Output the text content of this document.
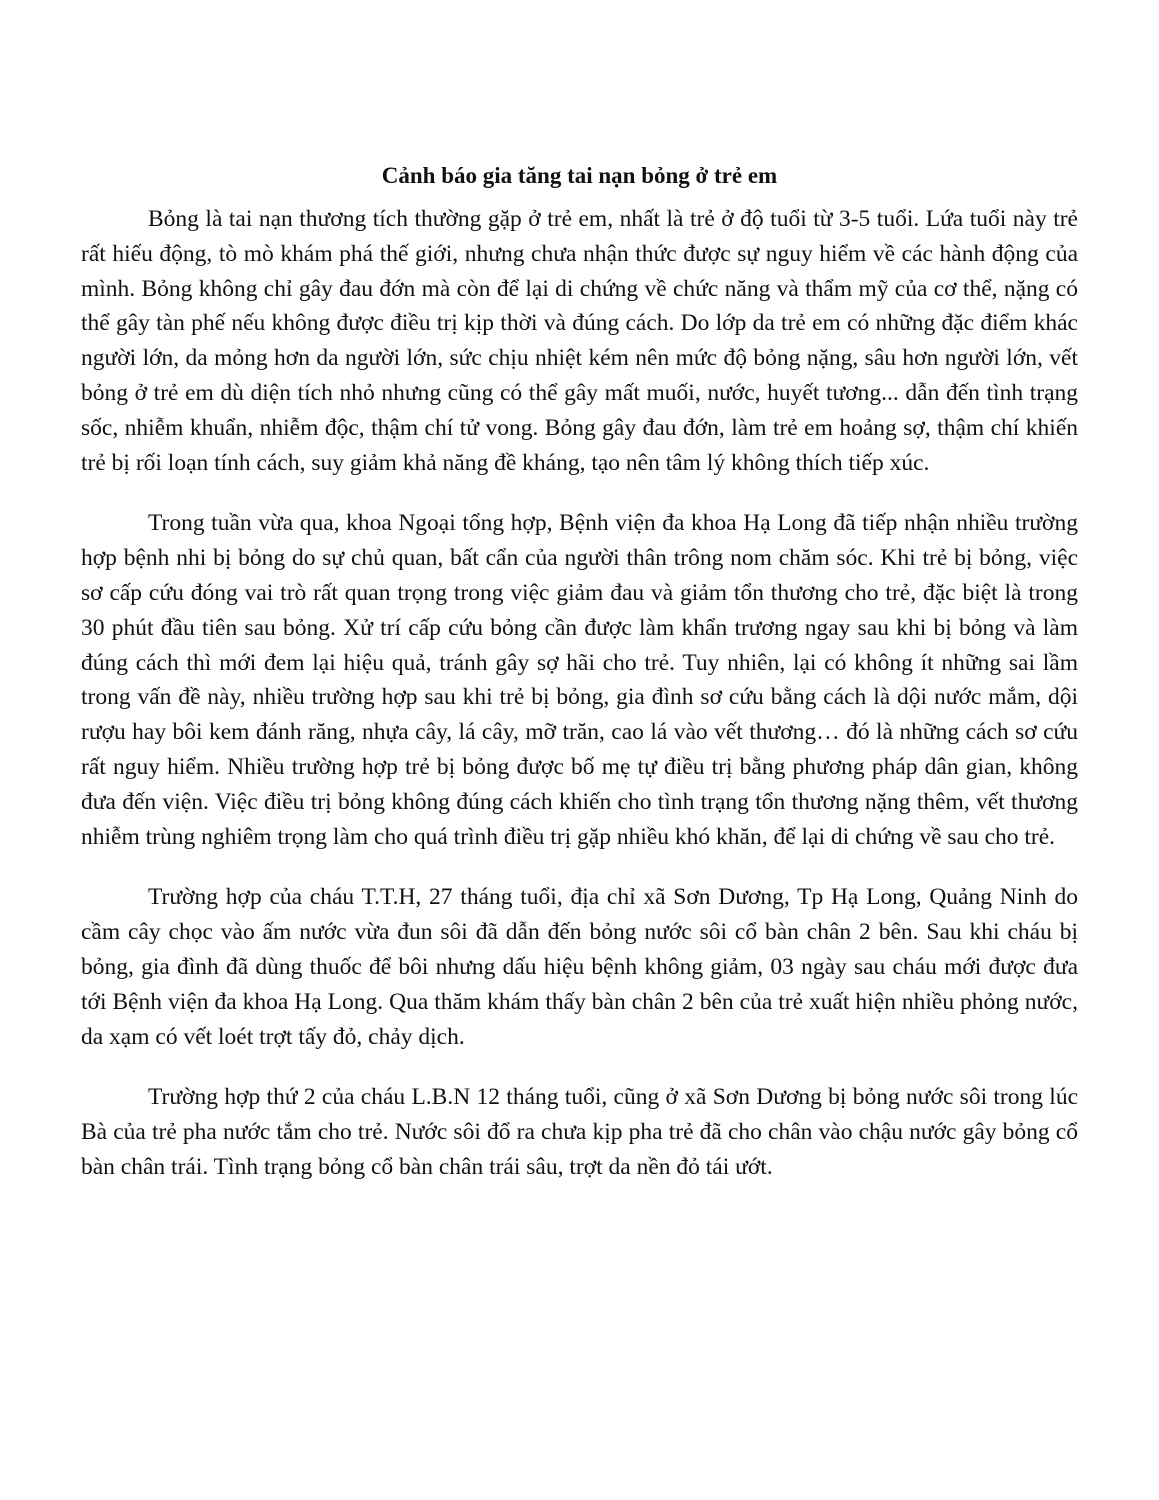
Cảnh báo gia tăng tai nạn bỏng ở trẻ em

Bỏng là tai nạn thương tích thường gặp ở trẻ em, nhất là trẻ ở độ tuổi từ 3-5 tuổi. Lứa tuổi này trẻ rất hiếu động, tò mò khám phá thế giới, nhưng chưa nhận thức được sự nguy hiểm về các hành động của mình. Bỏng không chỉ gây đau đớn mà còn để lại di chứng về chức năng và thẩm mỹ của cơ thể, nặng có thể gây tàn phế nếu không được điều trị kịp thời và đúng cách. Do lớp da trẻ em có những đặc điểm khác người lớn, da mỏng hơn da người lớn, sức chịu nhiệt kém nên mức độ bỏng nặng, sâu hơn người lớn, vết bỏng ở trẻ em dù diện tích nhỏ nhưng cũng có thể gây mất muối, nước, huyết tương... dẫn đến tình trạng sốc, nhiễm khuẩn, nhiễm độc, thậm chí tử vong. Bỏng gây đau đớn, làm trẻ em hoảng sợ, thậm chí khiến trẻ bị rối loạn tính cách, suy giảm khả năng đề kháng, tạo nên tâm lý không thích tiếp xúc.

Trong tuần vừa qua, khoa Ngoại tổng hợp, Bệnh viện đa khoa Hạ Long đã tiếp nhận nhiều trường hợp bệnh nhi bị bỏng do sự chủ quan, bất cẩn của người thân trông nom chăm sóc. Khi trẻ bị bỏng, việc sơ cấp cứu đóng vai trò rất quan trọng trong việc giảm đau và giảm tổn thương cho trẻ, đặc biệt là trong 30 phút đầu tiên sau bỏng. Xử trí cấp cứu bỏng cần được làm khẩn trương ngay sau khi bị bỏng và làm đúng cách thì mới đem lại hiệu quả, tránh gây sợ hãi cho trẻ. Tuy nhiên, lại có không ít những sai lầm trong vấn đề này, nhiều trường hợp sau khi trẻ bị bỏng, gia đình sơ cứu bằng cách là dội nước mắm, dội rượu hay bôi kem đánh răng, nhựa cây, lá cây, mỡ trăn, cao lá vào vết thương… đó là những cách sơ cứu rất nguy hiểm. Nhiều trường hợp trẻ bị bỏng được bố mẹ tự điều trị bằng phương pháp dân gian, không đưa đến viện. Việc điều trị bỏng không đúng cách khiến cho tình trạng tổn thương nặng thêm, vết thương nhiễm trùng nghiêm trọng làm cho quá trình điều trị gặp nhiều khó khăn, để lại di chứng về sau cho trẻ.

Trường hợp của cháu T.T.H, 27 tháng tuổi, địa chỉ xã Sơn Dương, Tp Hạ Long, Quảng Ninh do cầm cây chọc vào ấm nước vừa đun sôi đã dẫn đến bỏng nước sôi cổ bàn chân 2 bên. Sau khi cháu bị bỏng, gia đình đã dùng thuốc để bôi nhưng dấu hiệu bệnh không giảm, 03 ngày sau cháu mới được đưa tới Bệnh viện đa khoa Hạ Long. Qua thăm khám thấy bàn chân 2 bên của trẻ xuất hiện nhiều phỏng nước, da xạm có vết loét trợt tấy đỏ, chảy dịch.

Trường hợp thứ 2 của cháu L.B.N 12 tháng tuổi, cũng ở xã Sơn Dương bị bỏng nước sôi trong lúc Bà của trẻ pha nước tắm cho trẻ. Nước sôi đổ ra chưa kịp pha trẻ đã cho chân vào chậu nước gây bỏng cổ bàn chân trái. Tình trạng bỏng cổ bàn chân trái sâu, trợt da nền đỏ tái ướt.
